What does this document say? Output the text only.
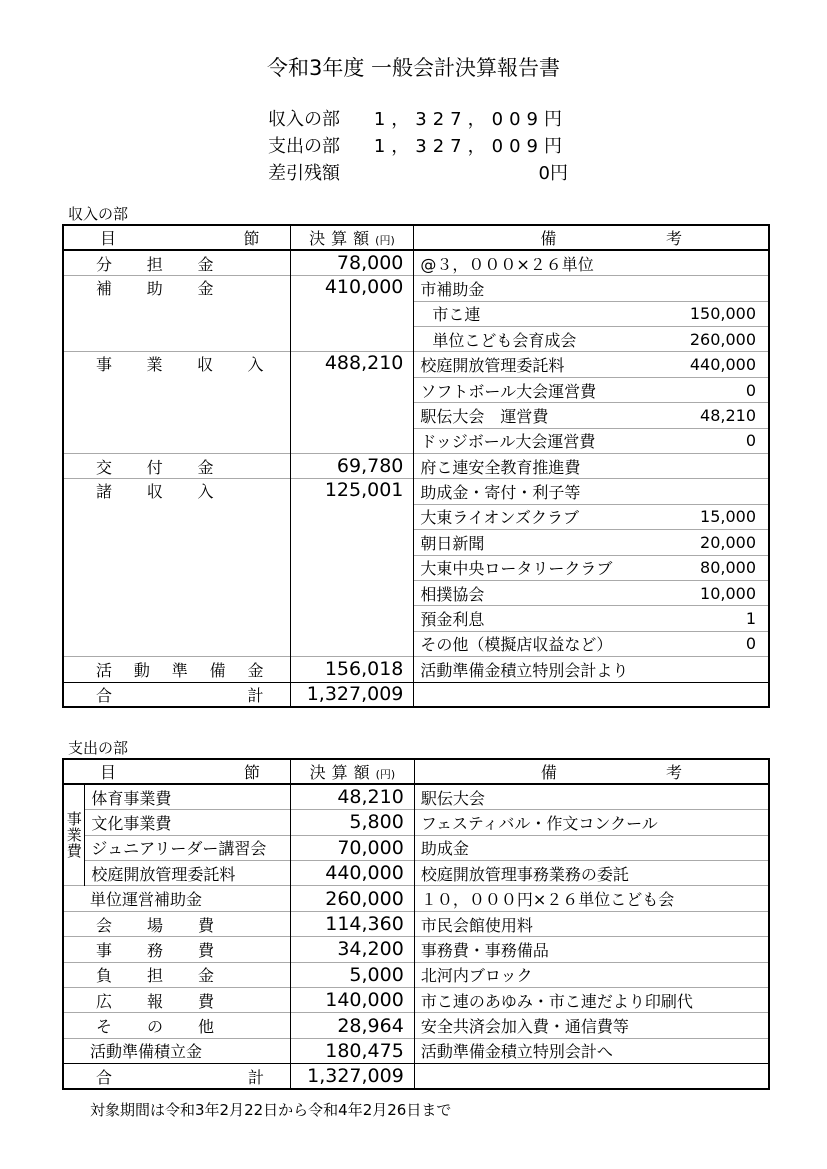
令和3年度 一般会計決算報告書
収入の部	1，327，009円
支出の部	1，327，009円
差引残額	0円
収入の部
目 節	決算額(円)	備 考	

分 担 金	78,000	@３，０００×２６単位	

補 助 金	410,000	市補助金	
		市こ連	150,000
		単位こども会育成会	260,000

事 業 収 入	488,210	校庭開放管理委託料	440,000
		ソフトボール大会運営費	0
		駅伝大会　運営費	48,210
		ドッジボール大会運営費	0

交 付 金	69,780	府こ連安全教育推進費	

諸 収 入	125,001	助成金・寄付・利子等	
		大東ライオンズクラブ	15,000
		朝日新聞	20,000
		大東中央ロータリークラブ	80,000
		相撲協会	10,000
		預金利息	1
		その他（模擬店収益など）	0

活 動 準 備 金	156,018	活動準備金積立特別会計より	

合 計	1,327,009		
支出の部
目 節		決算額(円)	備 考

事
業
費	体育事業費	48,210	駅伝大会
	文化事業費	5,800	フェスティバル・作文コンクール
	ジュニアリーダー講習会	70,000	助成金
	校庭開放管理委託料	440,000	校庭開放管理事務業務の委託
単位運営補助金		260,000	１０，０００円×２６単位こども会

会 場 費		114,360	市民会館使用料

事 務 費		34,200	事務費・事務備品

負 担 金		5,000	北河内ブロック

広 報 費		140,000	市こ連のあゆみ・市こ連だより印刷代

そ の 他		28,964	安全共済会加入費・通信費等
活動準備積立金		180,475	活動準備金積立特別会計へ

合 計		1,327,009	
対象期間は令和3年2月22日から令和4年2月26日まで
